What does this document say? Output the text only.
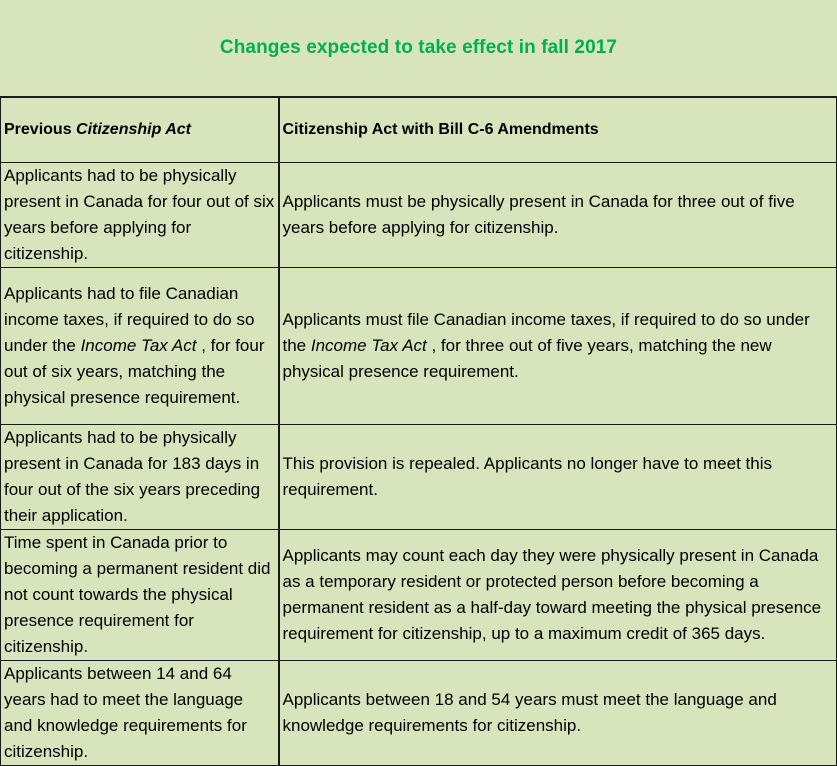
Changes expected to take effect in fall 2017
Previous Citizenship Act	Citizenship Act with Bill C-6 Amendments
Applicants had to be physically present in Canada for four out of six years before applying for citizenship.	Applicants must be physically present in Canada for three out of five years before applying for citizenship.
Applicants had to file Canadian income taxes, if required to do so under the Income Tax Act , for four out of six years, matching the physical presence requirement.	Applicants must file Canadian income taxes, if required to do so under the Income Tax Act , for three out of five years, matching the new physical presence requirement.
Applicants had to be physically present in Canada for 183 days in four out of the six years preceding their application.	This provision is repealed. Applicants no longer have to meet this requirement.
Time spent in Canada prior to becoming a permanent resident did not count towards the physical presence requirement for citizenship.	Applicants may count each day they were physically present in Canada as a temporary resident or protected person before becoming a permanent resident as a half-day toward meeting the physical presence requirement for citizenship, up to a maximum credit of 365 days.
Applicants between 14 and 64 years had to meet the language and knowledge requirements for citizenship.	Applicants between 18 and 54 years must meet the language and knowledge requirements for citizenship.
